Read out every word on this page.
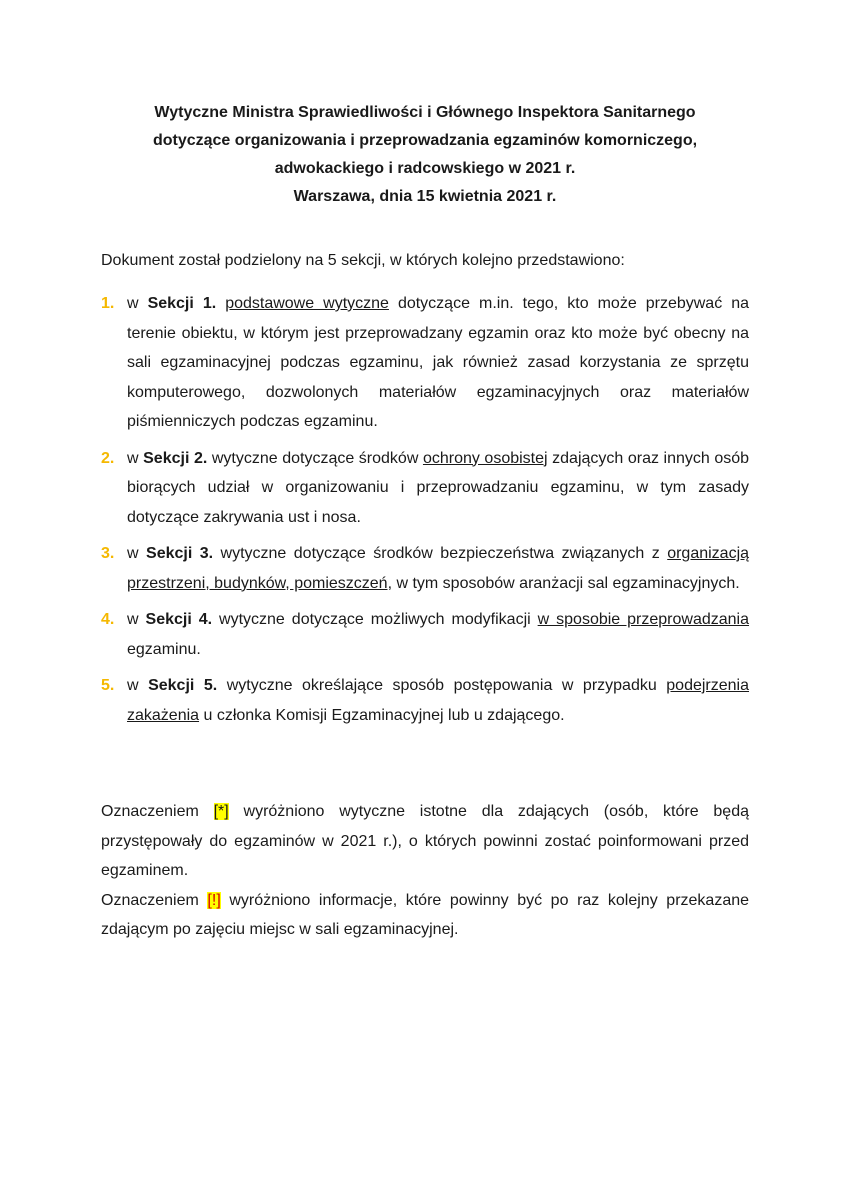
Wytyczne Ministra Sprawiedliwości i Głównego Inspektora Sanitarnego
dotyczące organizowania i przeprowadzania egzaminów komorniczego,
adwokackiego i radcowskiego w 2021 r.
Warszawa, dnia 15 kwietnia 2021 r.
Dokument został podzielony na 5 sekcji, w których kolejno przedstawiono:
1. w Sekcji 1. podstawowe wytyczne dotyczące m.in. tego, kto może przebywać na terenie obiektu, w którym jest przeprowadzany egzamin oraz kto może być obecny na sali egzaminacyjnej podczas egzaminu, jak również zasad korzystania ze sprzętu komputerowego, dozwolonych materiałów egzaminacyjnych oraz materiałów piśmienniczych podczas egzaminu.
2. w Sekcji 2. wytyczne dotyczące środków ochrony osobistej zdających oraz innych osób biorących udział w organizowaniu i przeprowadzaniu egzaminu, w tym zasady dotyczące zakrywania ust i nosa.
3. w Sekcji 3. wytyczne dotyczące środków bezpieczeństwa związanych z organizacją przestrzeni, budynków, pomieszczeń, w tym sposobów aranżacji sal egzaminacyjnych.
4. w Sekcji 4. wytyczne dotyczące możliwych modyfikacji w sposobie przeprowadzania egzaminu.
5. w Sekcji 5. wytyczne określające sposób postępowania w przypadku podejrzenia zakażenia u członka Komisji Egzaminacyjnej lub u zdającego.

Oznaczeniem [*] wyróżniono wytyczne istotne dla zdających (osób, które będą przystępowały do egzaminów w 2021 r.), o których powinni zostać poinformowani przed egzaminem.

Oznaczeniem [!] wyróżniono informacje, które powinny być po raz kolejny przekazane zdającym po zajęciu miejsc w sali egzaminacyjnej.
